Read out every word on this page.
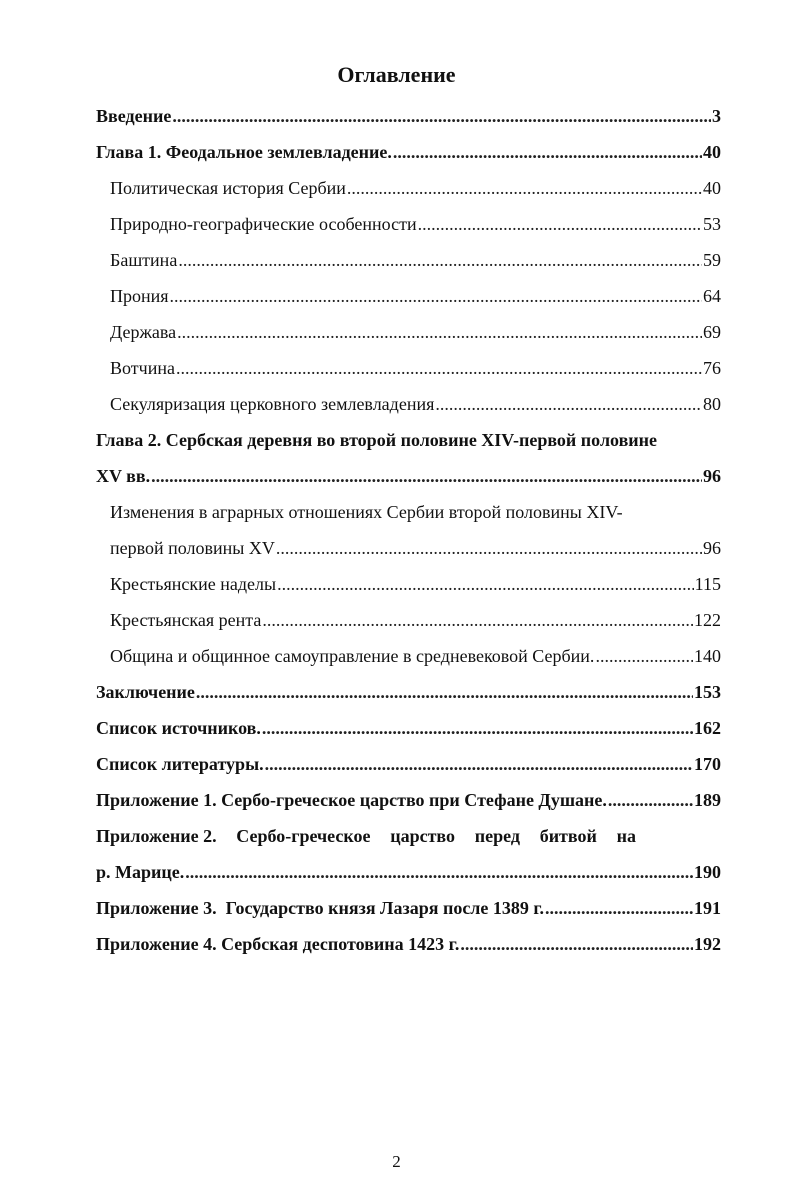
Оглавление
Введение .....	3
Глава 1. Феодальное землевладение. .....	40
Политическая история Сербии .....	40
Природно-географические особенности .....	53
Баштина .....	59
Прония .....	64
Держава .....	69
Вотчина .....	76
Секуляризация церковного землевладения .....	80
Глава 2. Сербская деревня во второй половине XIV-первой половине
XV вв. .....	96
Изменения в аграрных отношениях Сербии второй половины XIV-
первой половины XV .....	96
Крестьянские наделы .....	115
Крестьянская рента .....	122
Община и общинное самоуправление в средневековой Сербии. .....	140
Заключение .....	153
Список источников. .....	162
Список литературы. .....	170
Приложение 1. Сербо-греческое царство при Стефане Душане. .....	189
Приложение 2. Сербо-греческое царство перед битвой на
р. Марице. .....	190
Приложение 3.  Государство князя Лазаря после 1389 г. .....	191
Приложение 4. Сербская деспотовина 1423 г. .....	192
2
